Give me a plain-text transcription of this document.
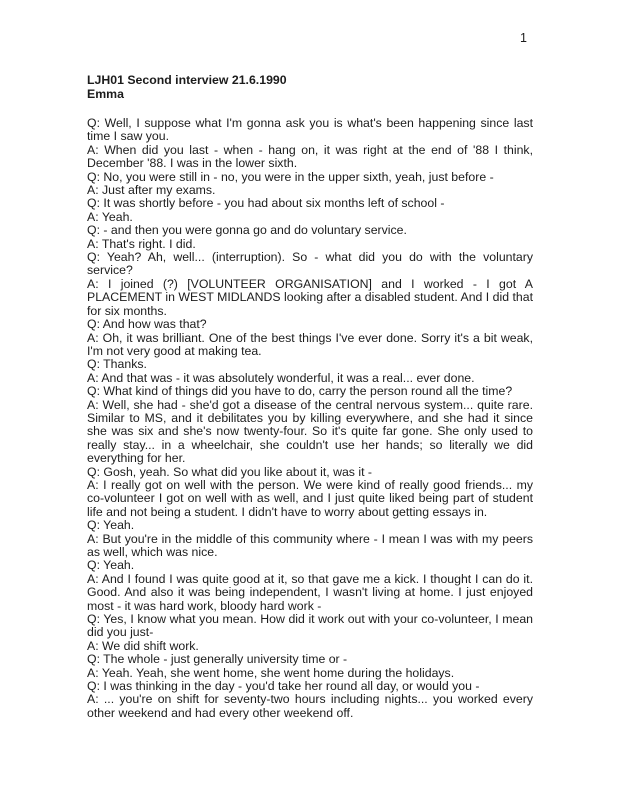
1
LJH01 Second interview 21.6.1990
Emma

Q: Well, I suppose what I'm gonna ask you is what's been happening since last time I saw you.

A: When did you last - when - hang on, it was right at the end of '88 I think, December '88. I was in the lower sixth.

Q: No, you were still in - no, you were in the upper sixth, yeah, just before -

A: Just after my exams.

Q: It was shortly before - you had about six months left of school -

A: Yeah.

Q: - and then you were gonna go and do voluntary service.

A: That's right. I did.

Q: Yeah? Ah, well... (interruption). So - what did you do with the voluntary service?

A: I joined (?) [VOLUNTEER ORGANISATION] and I worked - I got A PLACEMENT in WEST MIDLANDS looking after a disabled student. And I did that for six months.

Q: And how was that?

A: Oh, it was brilliant. One of the best things I've ever done. Sorry it's a bit weak, I'm not very good at making tea.

Q: Thanks.

A: And that was - it was absolutely wonderful, it was a real... ever done.

Q: What kind of things did you have to do, carry the person round all the time?

A: Well, she had - she'd got a disease of the central nervous system... quite rare. Similar to MS, and it debilitates you by killing everywhere, and she had it since she was six and she's now twenty-four. So it's quite far gone. She only used to really stay... in a wheelchair, she couldn't use her hands; so literally we did everything for her.

Q: Gosh, yeah. So what did you like about it, was it -

A: I really got on well with the person. We were kind of really good friends... my co-volunteer I got on well with as well, and I just quite liked being part of student life and not being a student. I didn't have to worry about getting essays in.

Q: Yeah.

A: But you're in the middle of this community where - I mean I was with my peers as well, which was nice.

Q: Yeah.

A: And I found I was quite good at it, so that gave me a kick. I thought I can do it. Good. And also it was being independent, I wasn't living at home. I just enjoyed most - it was hard work, bloody hard work -

Q: Yes, I know what you mean. How did it work out with your co-volunteer, I mean did you just-

A: We did shift work.

Q: The whole - just generally university time or -

A: Yeah. Yeah, she went home, she went home during the holidays.

Q: I was thinking in the day - you'd take her round all day, or would you -

A: ... you're on shift for seventy-two hours including nights... you worked every other weekend and had every other weekend off.
